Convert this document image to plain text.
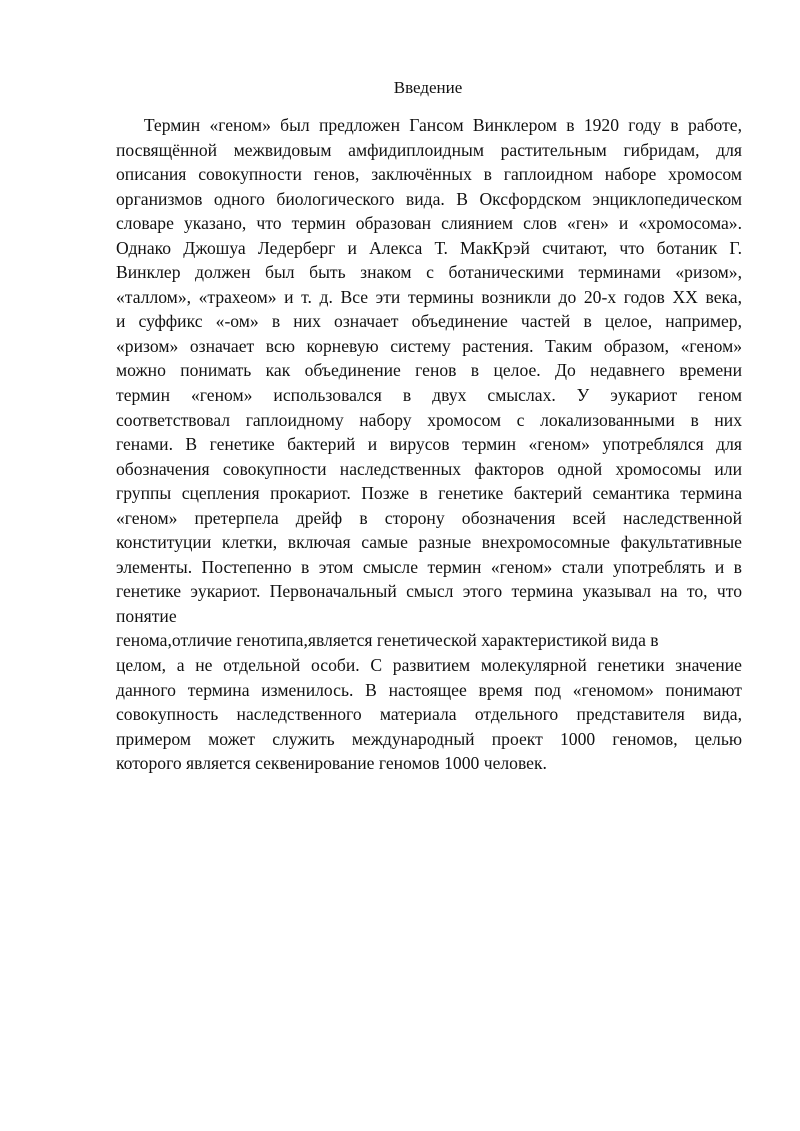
Введение
Термин «геном» был предложен Гансом Винклером в 1920 году в работе,
посвящённой межвидовым амфидиплоидным растительным гибридам, для
описания совокупности генов, заключённых в гаплоидном наборе хромосом
организмов одного биологического вида. В Оксфордском энциклопедическом
словаре указано, что термин образован слиянием слов «ген» и «хромосома».
Однако Джошуа Ледерберг и Алекса Т. МакКрэй считают, что ботаник Г.
Винклер должен был быть знаком с ботаническими терминами «ризом»,
«таллом», «трахеом» и т. д. Все эти термины возникли до 20-х годов XX века,
и суффикс «-ом» в них означает объединение частей в целое, например,
«ризом» означает всю корневую систему растения. Таким образом, «геном»
можно понимать как объединение генов в целое. До недавнего времени
термин «геном» использовался в двух смыслах. У эукариот геном
соответствовал гаплоидному набору хромосом с локализованными в них
генами. В генетике бактерий и вирусов термин «геном» употреблялся для
обозначения совокупности наследственных факторов одной хромосомы или
группы сцепления прокариот. Позже в генетике бактерий семантика термина
«геном» претерпела дрейф в сторону обозначения всей наследственной
конституции клетки, включая самые разные внехромосомные факультативные
элементы. Постепенно в этом смысле термин «геном» стали употреблять и в
генетике эукариот. Первоначальный смысл этого термина указывал на то, что
понятие
генома,отличие генотипа,является генетической характеристикой вида в
целом, а не отдельной особи. С развитием молекулярной генетики значение
данного термина изменилось. В настоящее время под «геномом» понимают
совокупность наследственного материала отдельного представителя вида,
примером может служить международный проект 1000 геномов, целью
которого является секвенирование геномов 1000 человек.
